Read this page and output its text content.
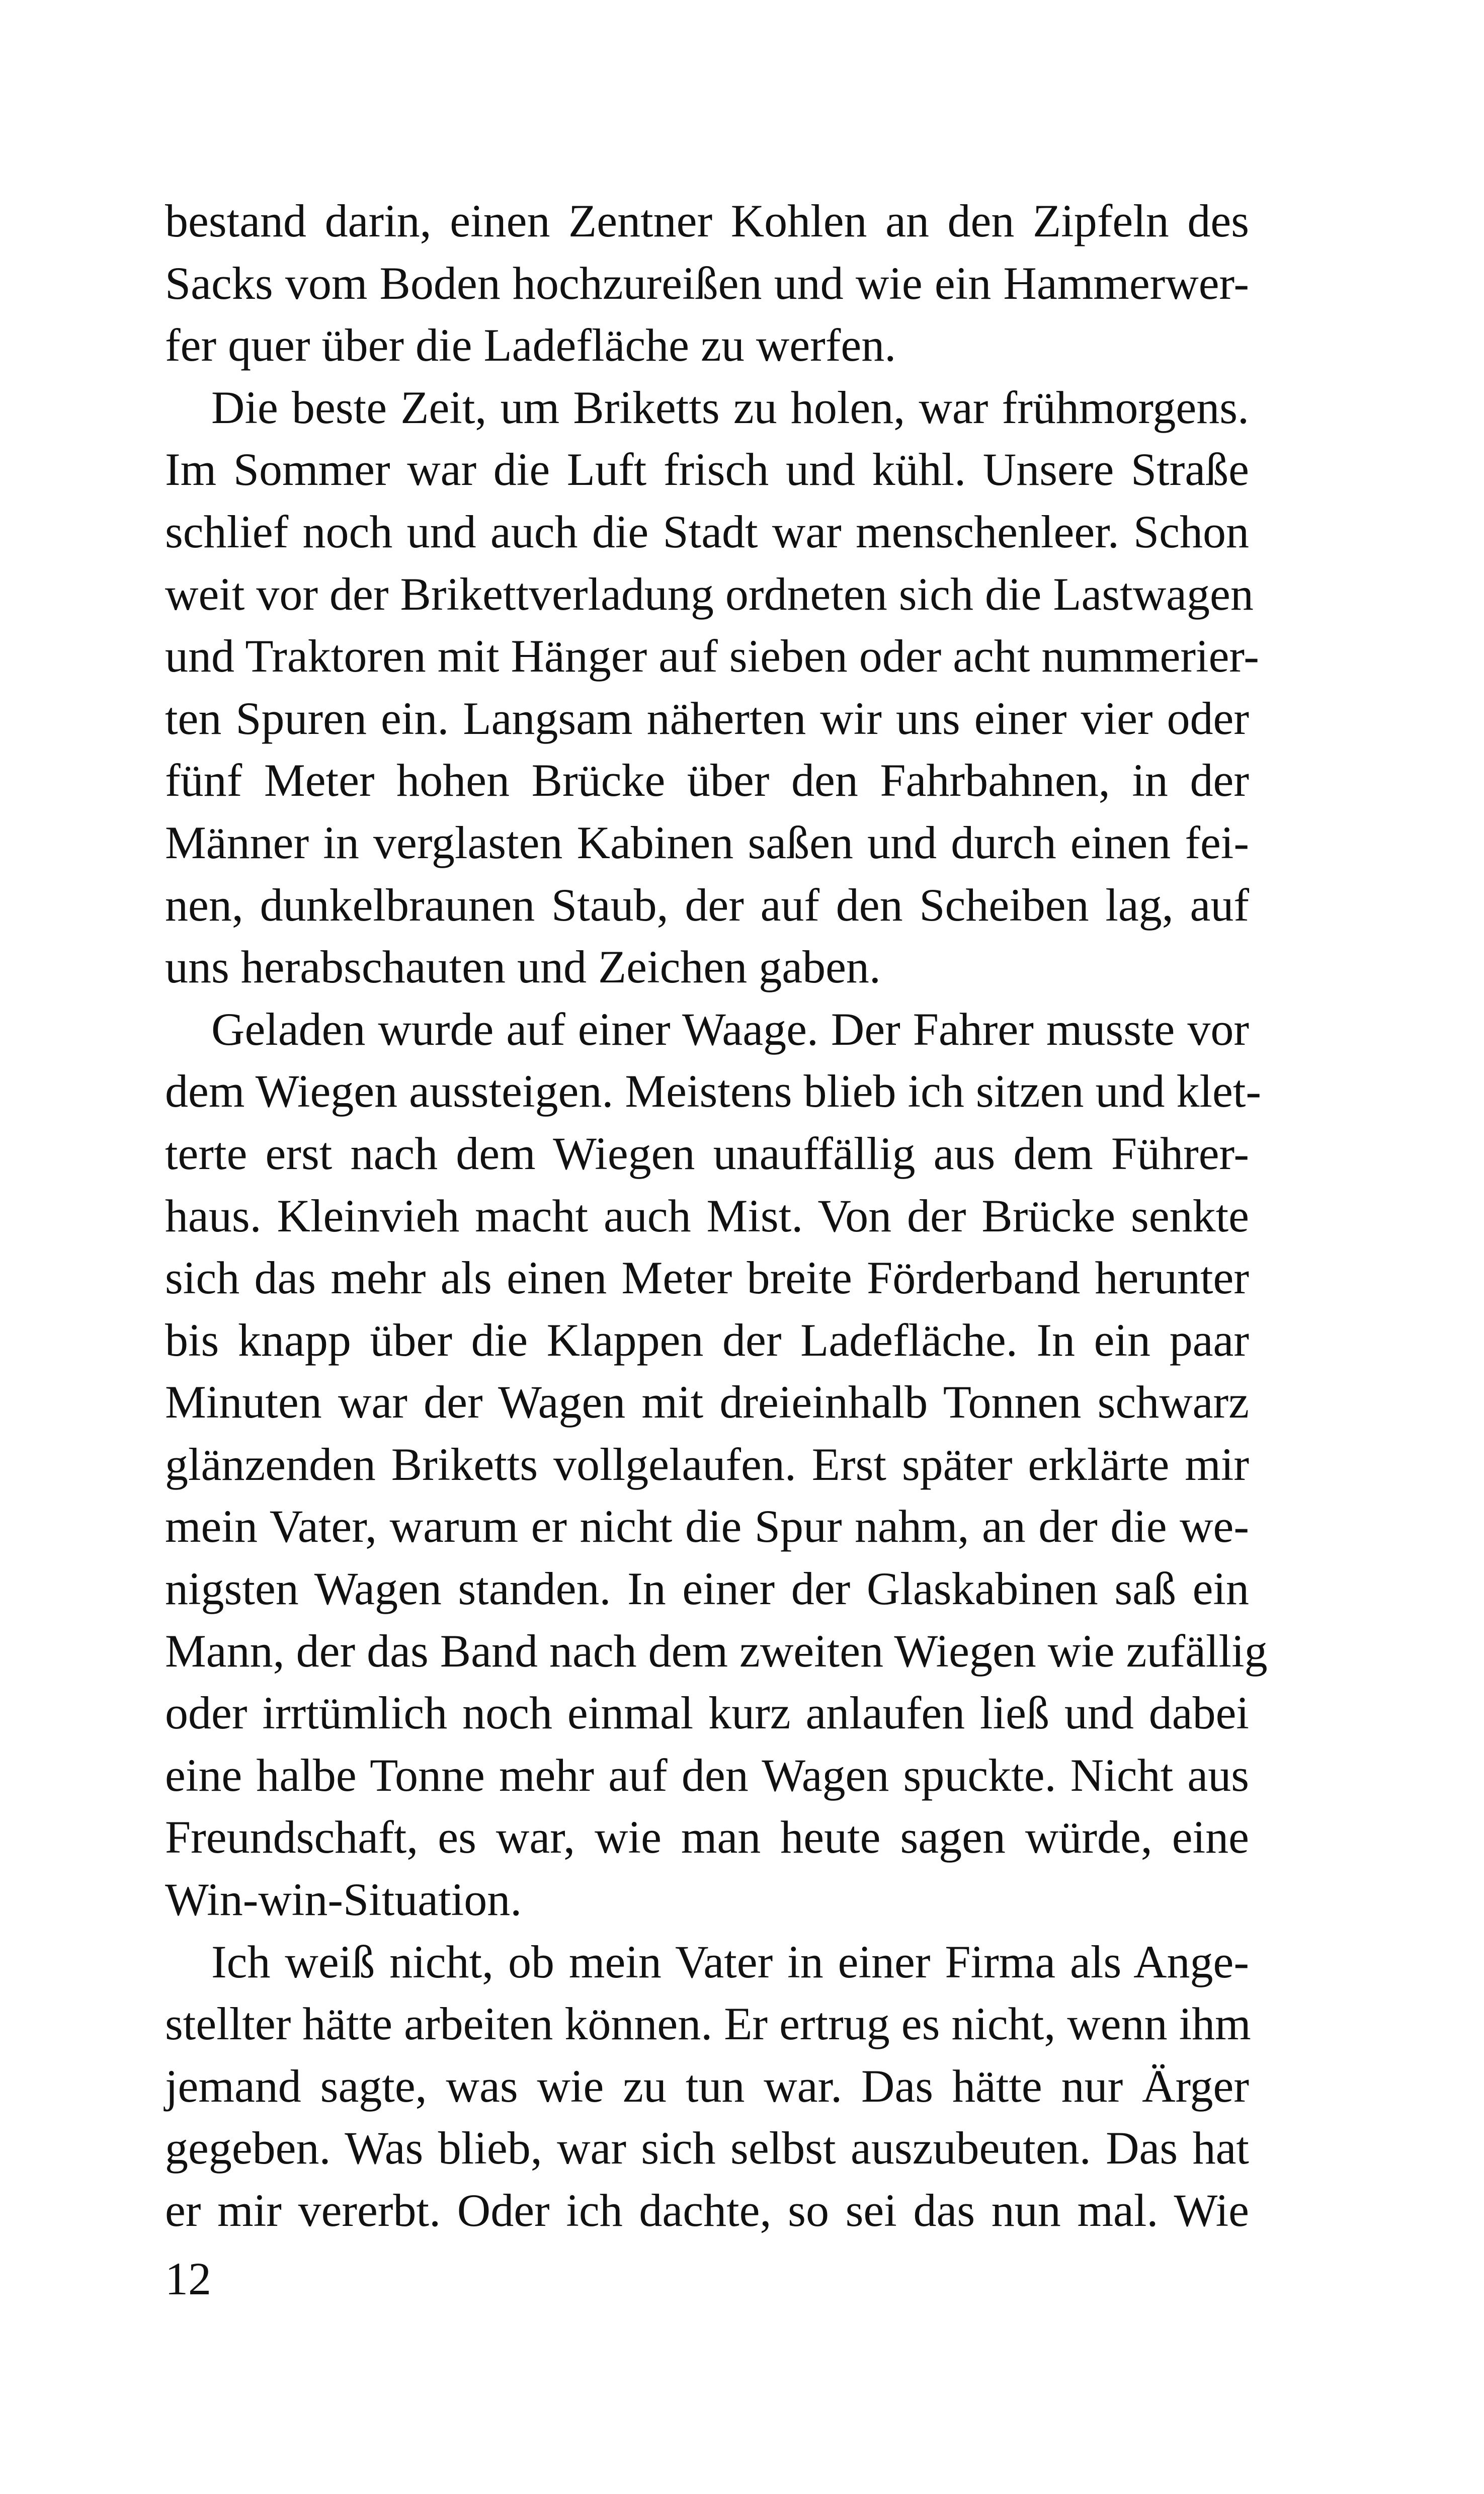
bestand darin, einen Zentner Kohlen an den Zipfeln des
Sacks vom Boden hochzureißen und wie ein Hammerwer-
fer quer über die Ladefläche zu werfen.
Die beste Zeit, um Briketts zu holen, war frühmorgens.
Im Sommer war die Luft frisch und kühl. Unsere Straße
schlief noch und auch die Stadt war menschenleer. Schon
weit vor der Brikettverladung ordneten sich die Lastwagen
und Traktoren mit Hänger auf sieben oder acht nummerier-
ten Spuren ein. Langsam näherten wir uns einer vier oder
fünf Meter hohen Brücke über den Fahrbahnen, in der
Männer in verglasten Kabinen saßen und durch einen fei-
nen, dunkelbraunen Staub, der auf den Scheiben lag, auf
uns herabschauten und Zeichen gaben.
Geladen wurde auf einer Waage. Der Fahrer musste vor
dem Wiegen aussteigen. Meistens blieb ich sitzen und klet-
terte erst nach dem Wiegen unauffällig aus dem Führer-
haus. Kleinvieh macht auch Mist. Von der Brücke senkte
sich das mehr als einen Meter breite Förderband herunter
bis knapp über die Klappen der Ladefläche. In ein paar
Minuten war der Wagen mit dreieinhalb Tonnen schwarz
glänzenden Briketts vollgelaufen. Erst später erklärte mir
mein Vater, warum er nicht die Spur nahm, an der die we-
nigsten Wagen standen. In einer der Glaskabinen saß ein
Mann, der das Band nach dem zweiten Wiegen wie zufällig
oder irrtümlich noch einmal kurz anlaufen ließ und dabei
eine halbe Tonne mehr auf den Wagen spuckte. Nicht aus
Freundschaft, es war, wie man heute sagen würde, eine
Win-win-Situation.
Ich weiß nicht, ob mein Vater in einer Firma als Ange-
stellter hätte arbeiten können. Er ertrug es nicht, wenn ihm
jemand sagte, was wie zu tun war. Das hätte nur Ärger
gegeben. Was blieb, war sich selbst auszubeuten. Das hat
er mir vererbt. Oder ich dachte, so sei das nun mal. Wie
12
